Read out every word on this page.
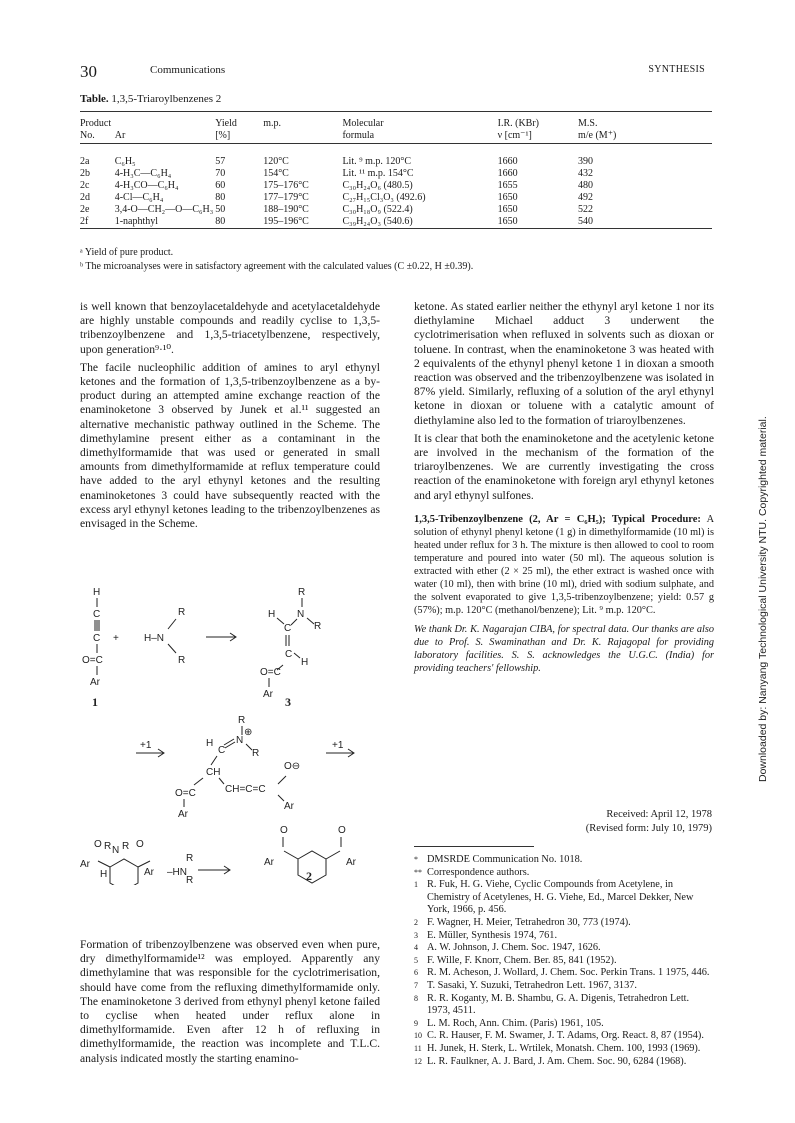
30	Communications	SYNTHESIS
Table. 1,3,5-Triaroylbenzenes 2
Product		Yield	m.p.	Molecular	I.R. (KBr)	M.S.
No.	Ar	[%]		formula	ν [cm⁻¹]	m/e (M⁺)
2a	C₆H₅	57	120°C	Lit. ⁹ m.p. 120°C	1660	390
2b	4-H₃C—C₆H₄	70	154°C	Lit. ¹¹ m.p. 154°C	1660	432
2c	4-H₃CO—C₆H₄	60	175–176°C	C₃₀H₂₄O₆ (480.5)	1655	480
2d	4-Cl—C₆H₄	80	177–179°C	C₂₇H₁₅Cl₃O₃ (492.6)	1650	492
2e	3,4-O—CH₂—O—C₆H₃	50	188–190°C	C₃₀H₁₈O₉ (522.4)	1650	522
2f	1-naphthyl	80	195–196°C	C₃₉H₂₄O₃ (540.6)	1650	540
ᵃ Yield of pure product.
ᵇ The microanalyses were in satisfactory agreement with the calculated values (C ±0.22, H ±0.39).

is well known that benzoylacetaldehyde and acetylacetaldehyde are highly unstable compounds and readily cyclise to 1,3,5-tribenzoylbenzene and 1,3,5-triacetylbenzene, respectively, upon generation⁹·¹⁰.

The facile nucleophilic addition of amines to aryl ethynyl ketones and the formation of 1,3,5-tribenzoylbenzene as a by-product during an attempted amine exchange reaction of the enaminoketone 3 observed by Junek et al.¹¹ suggested an alternative mechanistic pathway outlined in the Scheme. The dimethylamine present either as a contaminant in the dimethylformamide that was used or generated in small amounts from dimethylformamide at reflux temperature could have added to the aryl ethynyl ketones and the resulting enaminoketones 3 could have subsequently reacted with the excess aryl ethynyl ketones leading to the tribenzoylbenzenes as envisaged in the Scheme.

H
C
C
O=C
Ar
1
+
R
H–N
R
R
H
C
N
R
C
H
O=C
Ar
3
+1
R
H
C
N
⊕
R
CH
CH=C=C
O⊖
O=C
Ar
Ar
+1
R N R
O	O
Ar
H	Ar –HN
R
R
O	O
Ar	Ar
2

Formation of tribenzoylbenzene was observed even when pure, dry dimethylformamide¹² was employed. Apparently any dimethylamine that was responsible for the cyclotrimerisation, should have come from the refluxing dimethylformamide only. The enaminoketone 3 derived from ethynyl phenyl ketone failed to cyclise when heated under reflux alone in dimethylformamide. Even after 12 h of refluxing in dimethylformamide, the reaction was incomplete and T.L.C. analysis indicated mostly the starting enamino-

ketone. As stated earlier neither the ethynyl aryl ketone 1 nor its diethylamine Michael adduct 3 underwent the cyclotrimerisation when refluxed in solvents such as dioxan or toluene. In contrast, when the enaminoketone 3 was heated with 2 equivalents of the ethynyl phenyl ketone 1 in dioxan a smooth reaction was observed and the tribenzoylbenzene was isolated in 87% yield. Similarly, refluxing of a solution of the aryl ethynyl ketone in dioxan or toluene with a catalytic amount of diethylamine also led to the formation of triaroylbenzenes.

It is clear that both the enaminoketone and the acetylenic ketone are involved in the mechanism of the formation of the triaroylbenzenes. We are currently investigating the cross reaction of the enaminoketone with foreign aryl ethynyl ketones and aryl ethynyl sulfones.

1,3,5-Tribenzoylbenzene (2, Ar = C₆H₅); Typical Procedure: A solution of ethynyl phenyl ketone (1 g) in dimethylformamide (10 ml) is heated under reflux for 3 h. The mixture is then allowed to cool to room temperature and poured into water (50 ml). The aqueous solution is extracted with ether (2 × 25 ml), the ether extract is washed once with water (10 ml), then with brine (10 ml), dried with sodium sulphate, and the solvent evaporated to give 1,3,5-tribenzoylbenzene; yield: 0.57 g (57%); m.p. 120°C (methanol/benzene); Lit. ⁹ m.p. 120°C.
We thank Dr. K. Nagarajan CIBA, for spectral data. Our thanks are also due to Prof. S. Swaminathan and Dr. K. Rajagopal for providing laboratory facilities. S. S. acknowledges the U.G.C. (India) for providing teachers' fellowship.
Received: April 12, 1978
(Revised form: July 10, 1979)
* DMSRDE Communication No. 1018.
** Correspondence authors.
1 R. Fuk, H. G. Viehe, Cyclic Compounds from Acetylene, in Chemistry of Acetylenes, H. G. Viehe, Ed., Marcel Dekker, New York, 1966, p. 456.
2 F. Wagner, H. Meier, Tetrahedron 30, 773 (1974).
3 E. Müller, Synthesis 1974, 761.
4 A. W. Johnson, J. Chem. Soc. 1947, 1626.
5 F. Wille, F. Knorr, Chem. Ber. 85, 841 (1952).
6 R. M. Acheson, J. Wollard, J. Chem. Soc. Perkin Trans. 1 1975, 446.
7 T. Sasaki, Y. Suzuki, Tetrahedron Lett. 1967, 3137.
8 R. R. Koganty, M. B. Shambu, G. A. Digenis, Tetrahedron Lett. 1973, 4511.
9 L. M. Roch, Ann. Chim. (Paris) 1961, 105.
10 C. R. Hauser, F. M. Swamer, J. T. Adams, Org. React. 8, 87 (1954).
11 H. Junek, H. Sterk, L. Wrtilek, Monatsh. Chem. 100, 1993 (1969).
12 L. R. Faulkner, A. J. Bard, J. Am. Chem. Soc. 90, 6284 (1968).
Downloaded by: Nanyang Technological University NTU. Copyrighted material.
